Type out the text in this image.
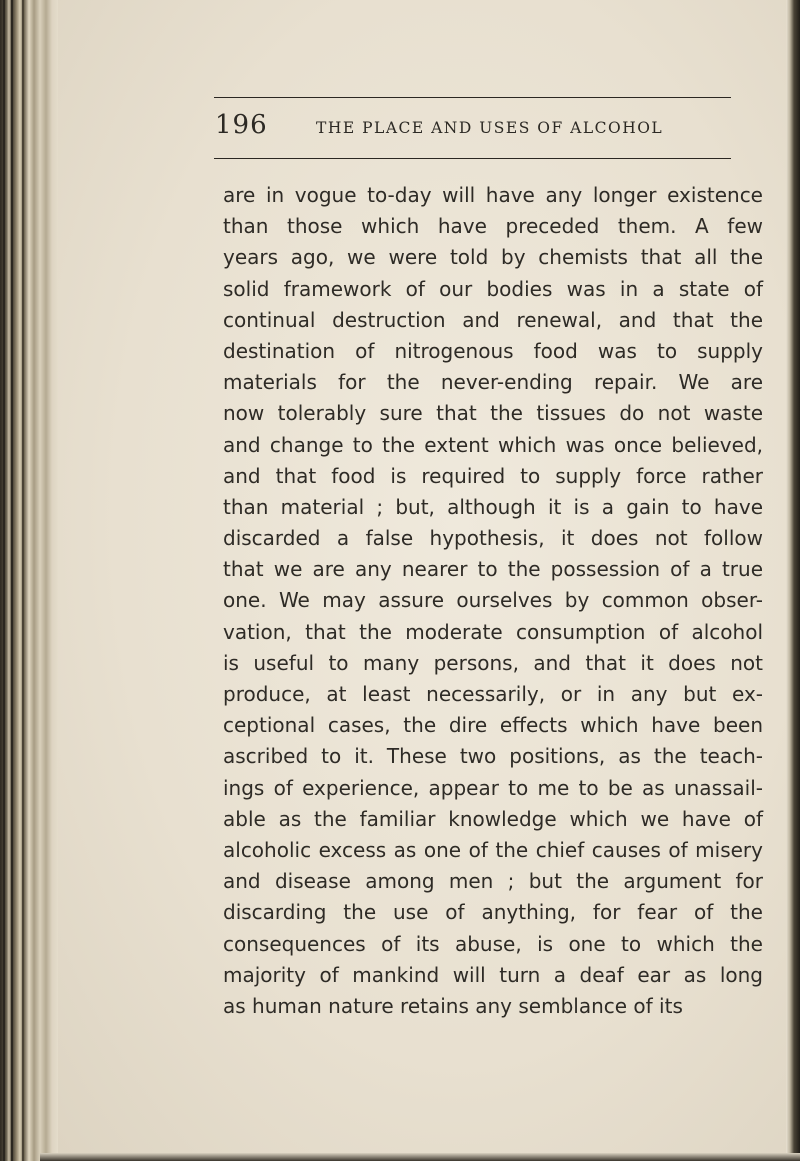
196	THE PLACE AND USES OF ALCOHOL
are in vogue to-day will have any longer existence
than those which have preceded them. A few
years ago, we were told by chemists that all the
solid framework of our bodies was in a state of
continual destruction and renewal, and that the
destination of nitrogenous food was to supply
materials for the never-ending repair. We are
now tolerably sure that the tissues do not waste
and change to the extent which was once believed,
and that food is required to supply force rather
than material ; but, although it is a gain to have
discarded a false hypothesis, it does not follow
that we are any nearer to the possession of a true
one. We may assure ourselves by common obser-
vation, that the moderate consumption of alcohol
is useful to many persons, and that it does not
produce, at least necessarily, or in any but ex-
ceptional cases, the dire effects which have been
ascribed to it. These two positions, as the teach-
ings of experience, appear to me to be as unassail-
able as the familiar knowledge which we have of
alcoholic excess as one of the chief causes of misery
and disease among men ; but the argument for
discarding the use of anything, for fear of the
consequences of its abuse, is one to which the
majority of mankind will turn a deaf ear as long
as human nature retains any semblance of its
